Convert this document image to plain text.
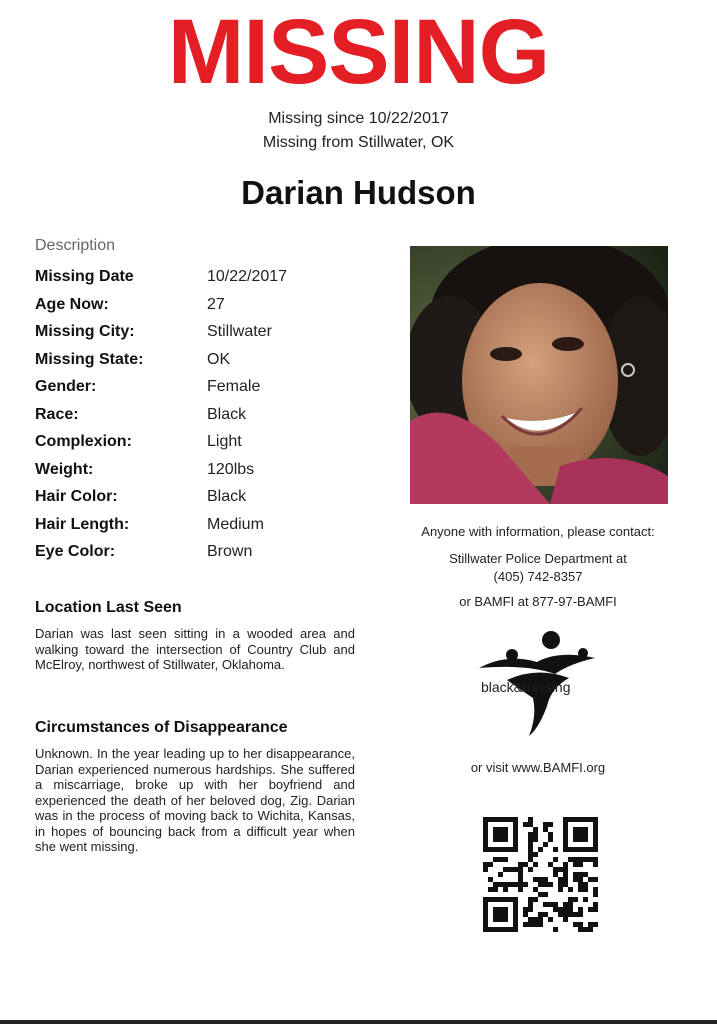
MISSING
Missing since 10/22/2017
Missing from Stillwater, OK
Darian Hudson
Description
Missing Date	10/22/2017
Age Now:	27
Missing City:	Stillwater
Missing State:	OK
Gender:	Female
Race:	Black
Complexion:	Light
Weight:	120lbs
Hair Color:	Black
Hair Length:	Medium
Eye Color:	Brown
Location Last Seen
Darian was last seen sitting in a wooded area and walking toward the intersection of Country Club and McElroy, northwest of Stillwater, Oklahoma.
Circumstances of Disappearance
Unknown. In the year leading up to her disappearance, Darian experienced numerous hardships. She suffered a miscarriage, broke up with her boyfriend and experienced the death of her beloved dog, Zig. Darian was in the process of moving back to Wichita, Kansas, in hopes of bouncing back from a difficult year when she went missing.
Anyone with information, please contact:
Stillwater Police Department at
(405) 742-8357
or BAMFI at 877-97-BAMFI
black&missing
or visit www.BAMFI.org
